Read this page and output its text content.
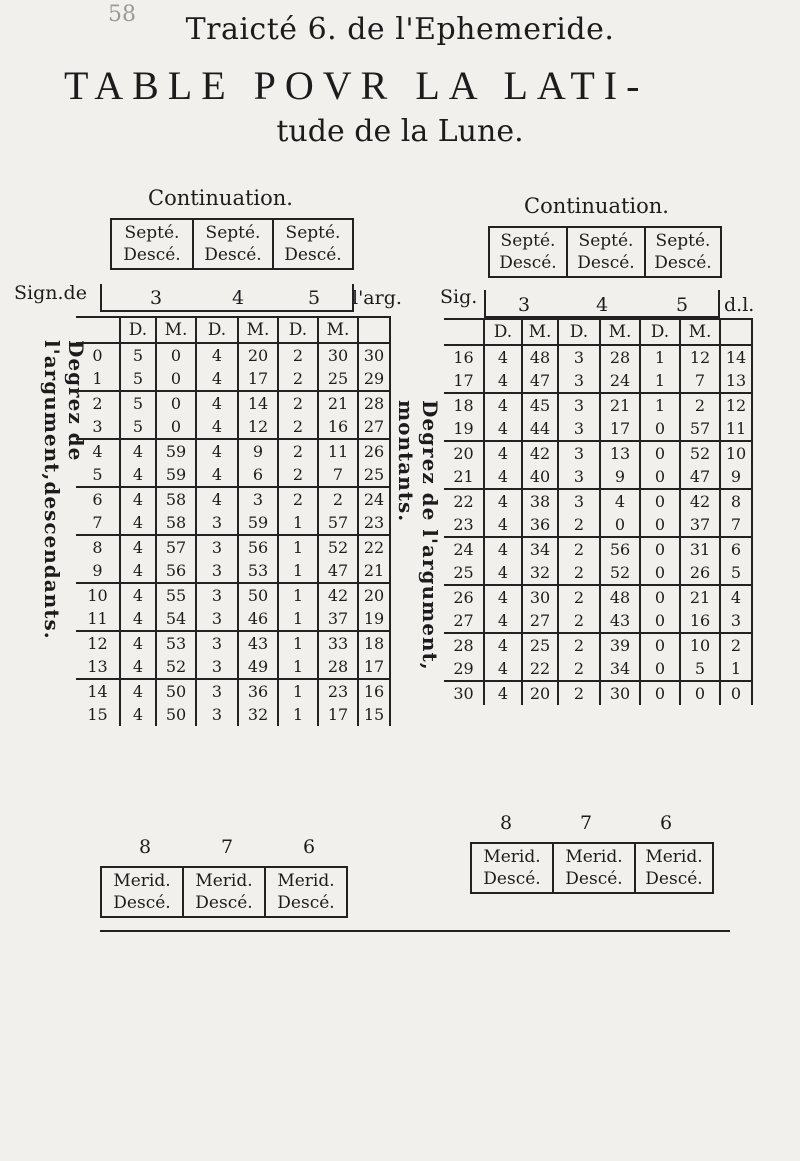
58	Traicté 6. de l'Ephemeride.
TABLE POVR LA LATI-
tude de la Lune.
Continuation.
Septé.
Descé.
Septé.
Descé.
Septé.
Descé.
Sign.de	3	4	5 l'arg.
Degrez de l'argument,descendants.
	D.	M.	D.	M.	D.	M.	
0	5	0	4	20	2	30	30
1	5	0	4	17	2	25	29
2	5	0	4	14	2	21	28
3	5	0	4	12	2	16	27
4	4	59	4	9	2	11	26
5	4	59	4	6	2	7	25
6	4	58	4	3	2	2	24
7	4	58	3	59	1	57	23
8	4	57	3	56	1	52	22
9	4	56	3	53	1	47	21
10	4	55	3	50	1	42	20
11	4	54	3	46	1	37	19
12	4	53	3	43	1	33	18
13	4	52	3	49	1	28	17
14	4	50	3	36	1	23	16
15	4	50	3	32	1	17	15
8	7	6
Merid.
Descé.
Merid.
Descé.
Merid.
Descé.
Continuation.
Septé.
Descé.
Septé.
Descé.
Septé.
Descé.
Sig. 3	4	5 d.l.
Degrez de l'argument, montants.
	D.	M.	D.	M.	D.	M.	
16	4	48	3	28	1	12	14
17	4	47	3	24	1	7	13
18	4	45	3	21	1	2	12
19	4	44	3	17	0	57	11
20	4	42	3	13	0	52	10
21	4	40	3	9	0	47	9
22	4	38	3	4	0	42	8
23	4	36	2	0	0	37	7
24	4	34	2	56	0	31	6
25	4	32	2	52	0	26	5
26	4	30	2	48	0	21	4
27	4	27	2	43	0	16	3
28	4	25	2	39	0	10	2
29	4	22	2	34	0	5	1
30	4	20	2	30	0	0	0
8	7	6
Merid.
Descé.
Merid.
Descé.
Merid.
Descé.
